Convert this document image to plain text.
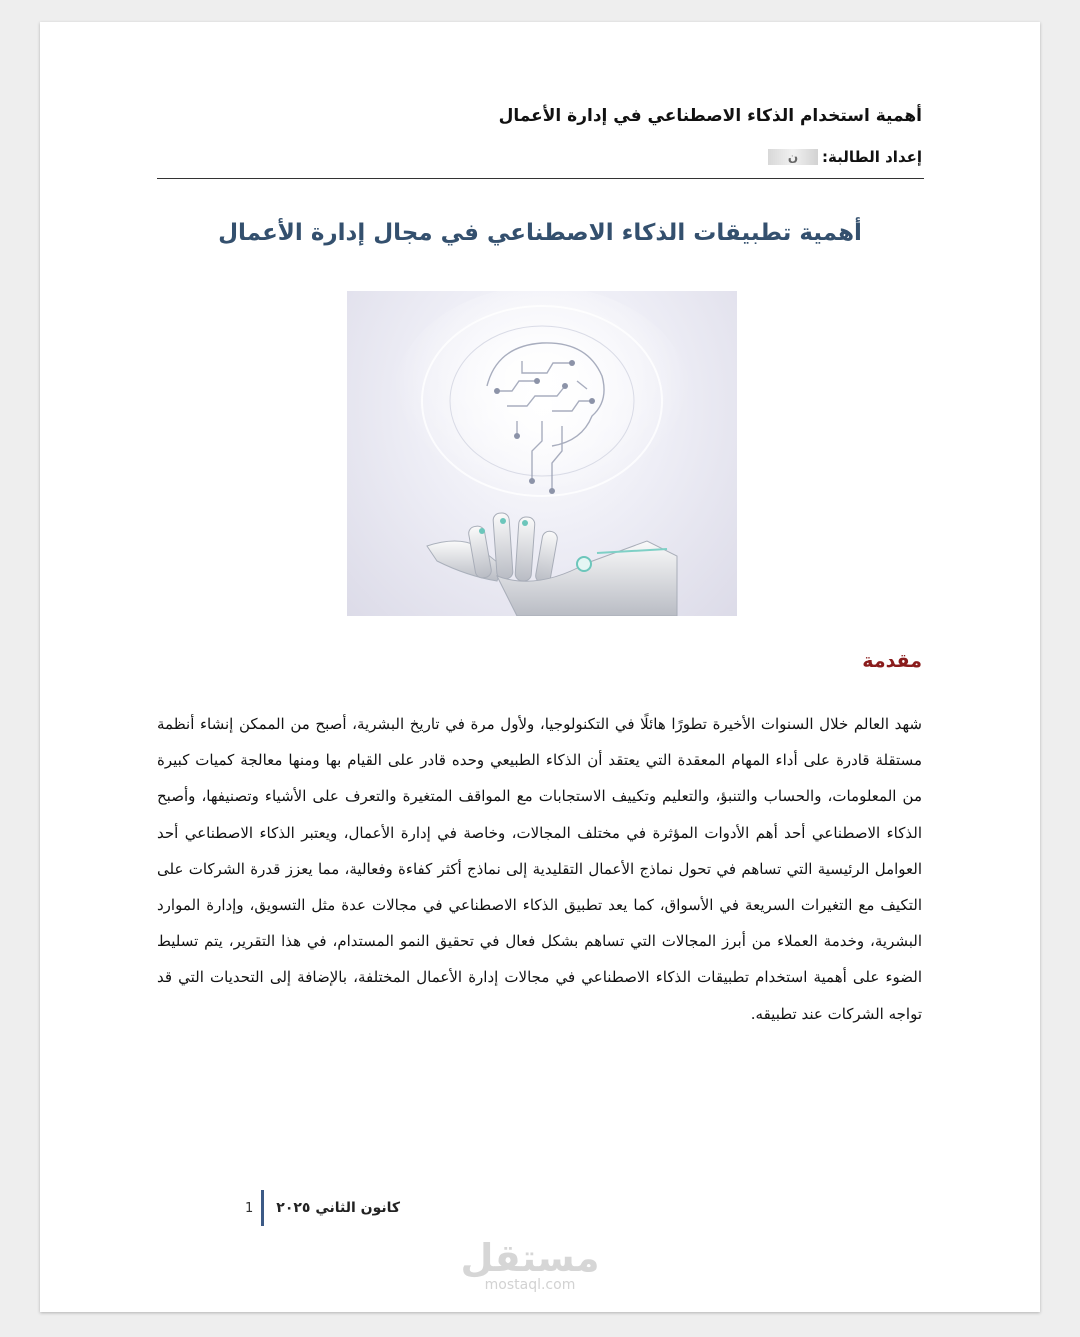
أهمية استخدام الذكاء الاصطناعي في إدارة الأعمال

إعداد الطالبة:
ن

أهمية تطبيقات الذكاء الاصطناعي في مجال إدارة الأعمال
مقدمة

شهد العالم خلال السنوات الأخيرة تطورًا هائلًا في التكنولوجيا، ولأول مرة في تاريخ البشرية، أصبح من الممكن إنشاء أنظمة مستقلة قادرة على أداء المهام المعقدة التي يعتقد أن الذكاء الطبيعي وحده قادر على القيام بها ومنها معالجة كميات كبيرة من المعلومات، والحساب والتنبؤ، والتعليم وتكييف الاستجابات مع المواقف المتغيرة والتعرف على الأشياء وتصنيفها، وأصبح الذكاء الاصطناعي أحد أهم الأدوات المؤثرة في مختلف المجالات، وخاصة في إدارة الأعمال، ويعتبر الذكاء الاصطناعي أحد العوامل الرئيسية التي تساهم في تحول نماذج الأعمال التقليدية إلى نماذج أكثر كفاءة وفعالية، مما يعزز قدرة الشركات على التكيف مع التغيرات السريعة في الأسواق، كما يعد تطبيق الذكاء الاصطناعي في مجالات عدة مثل التسويق، وإدارة الموارد البشرية، وخدمة العملاء من أبرز المجالات التي تساهم بشكل فعال في تحقيق النمو المستدام، في هذا التقرير، يتم تسليط الضوء على أهمية استخدام تطبيقات الذكاء الاصطناعي في مجالات إدارة الأعمال المختلفة، بالإضافة إلى التحديات التي قد تواجه الشركات عند تطبيقه.

1 كانون الثاني ٢٠٢٥
مستقل
mostaql.com
